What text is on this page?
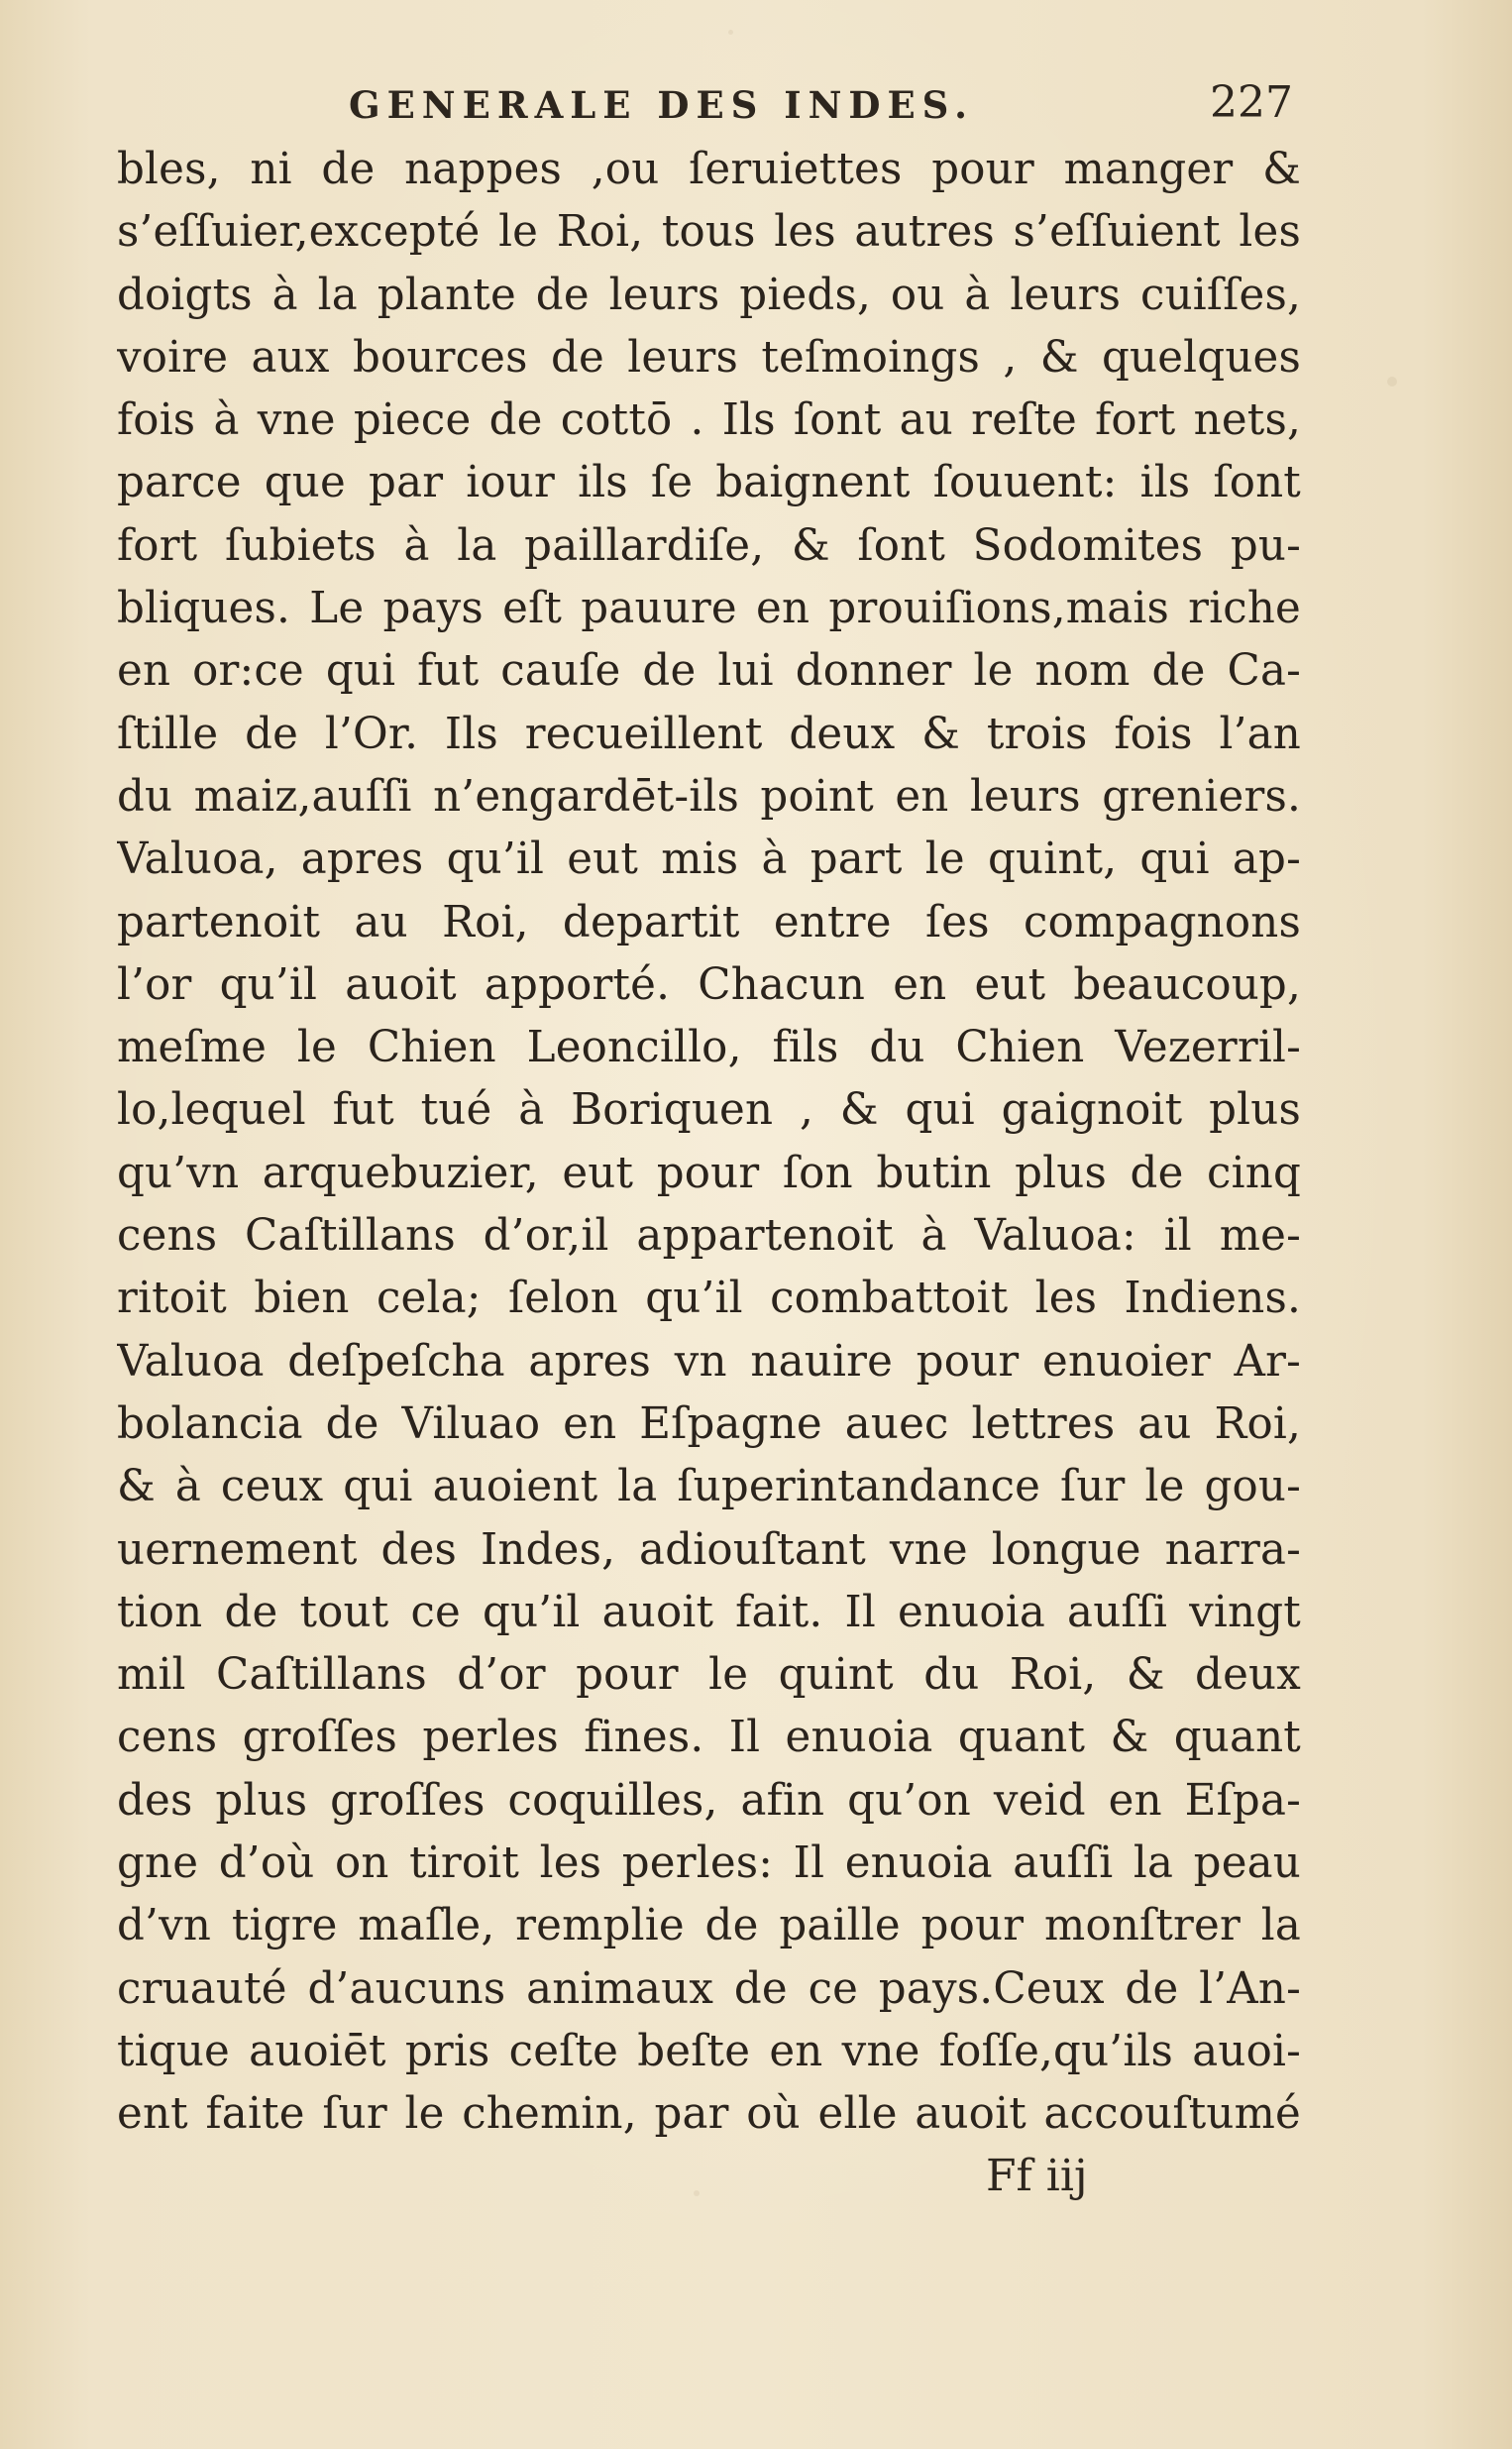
GENERALE DES INDES.	227
bles, ni de nappes ,ou ſeruiettes pour manger &
s’eſſuier,excepté le Roi, tous les autres s’eſſuient les
doigts à la plante de leurs pieds, ou à leurs cuiſſes,
voire aux bources de leurs teſmoings , & quelques
fois à vne piece de cottō . Ils ſont au reſte fort nets,
parce que par iour ils ſe baignent ſouuent: ils ſont
fort ſubiets à la paillardiſe, & ſont Sodomites pu-
bliques. Le pays eſt pauure en prouiſions,mais riche
en or:ce qui fut cauſe de lui donner le nom de Ca-
ſtille de l’Or. Ils recueillent deux & trois fois l’an
du maiz,auſſi n’engardēt-ils point en leurs greniers.
Valuoa, apres qu’il eut mis à part le quint, qui ap-
partenoit au Roi, departit entre ſes compagnons
l’or qu’il auoit apporté. Chacun en eut beaucoup,
meſme le Chien Leoncillo, fils du Chien Vezerril-
lo,lequel fut tué à Boriquen , & qui gaignoit plus
qu’vn arquebuzier, eut pour ſon butin plus de cinq
cens Caſtillans d’or,il appartenoit à Valuoa: il me-
ritoit bien cela; ſelon qu’il combattoit les Indiens.
Valuoa deſpeſcha apres vn nauire pour enuoier Ar-
bolancia de Viluao en Eſpagne auec lettres au Roi,
& à ceux qui auoient la ſuperintandance ſur le gou-
uernement des Indes, adiouſtant vne longue narra-
tion de tout ce qu’il auoit fait. Il enuoia auſſi vingt
mil Caſtillans d’or pour le quint du Roi, & deux
cens groſſes perles fines. Il enuoia quant & quant
des plus groſſes coquilles, afin qu’on veid en Eſpa-
gne d’où on tiroit les perles: Il enuoia auſſi la peau
d’vn tigre maſle, remplie de paille pour monſtrer la
cruauté d’aucuns animaux de ce pays.Ceux de l’An-
tique auoiēt pris ceſte beſte en vne foſſe,qu’ils auoi-
ent faite ſur le chemin, par où elle auoit accouſtumé
Ff iij
